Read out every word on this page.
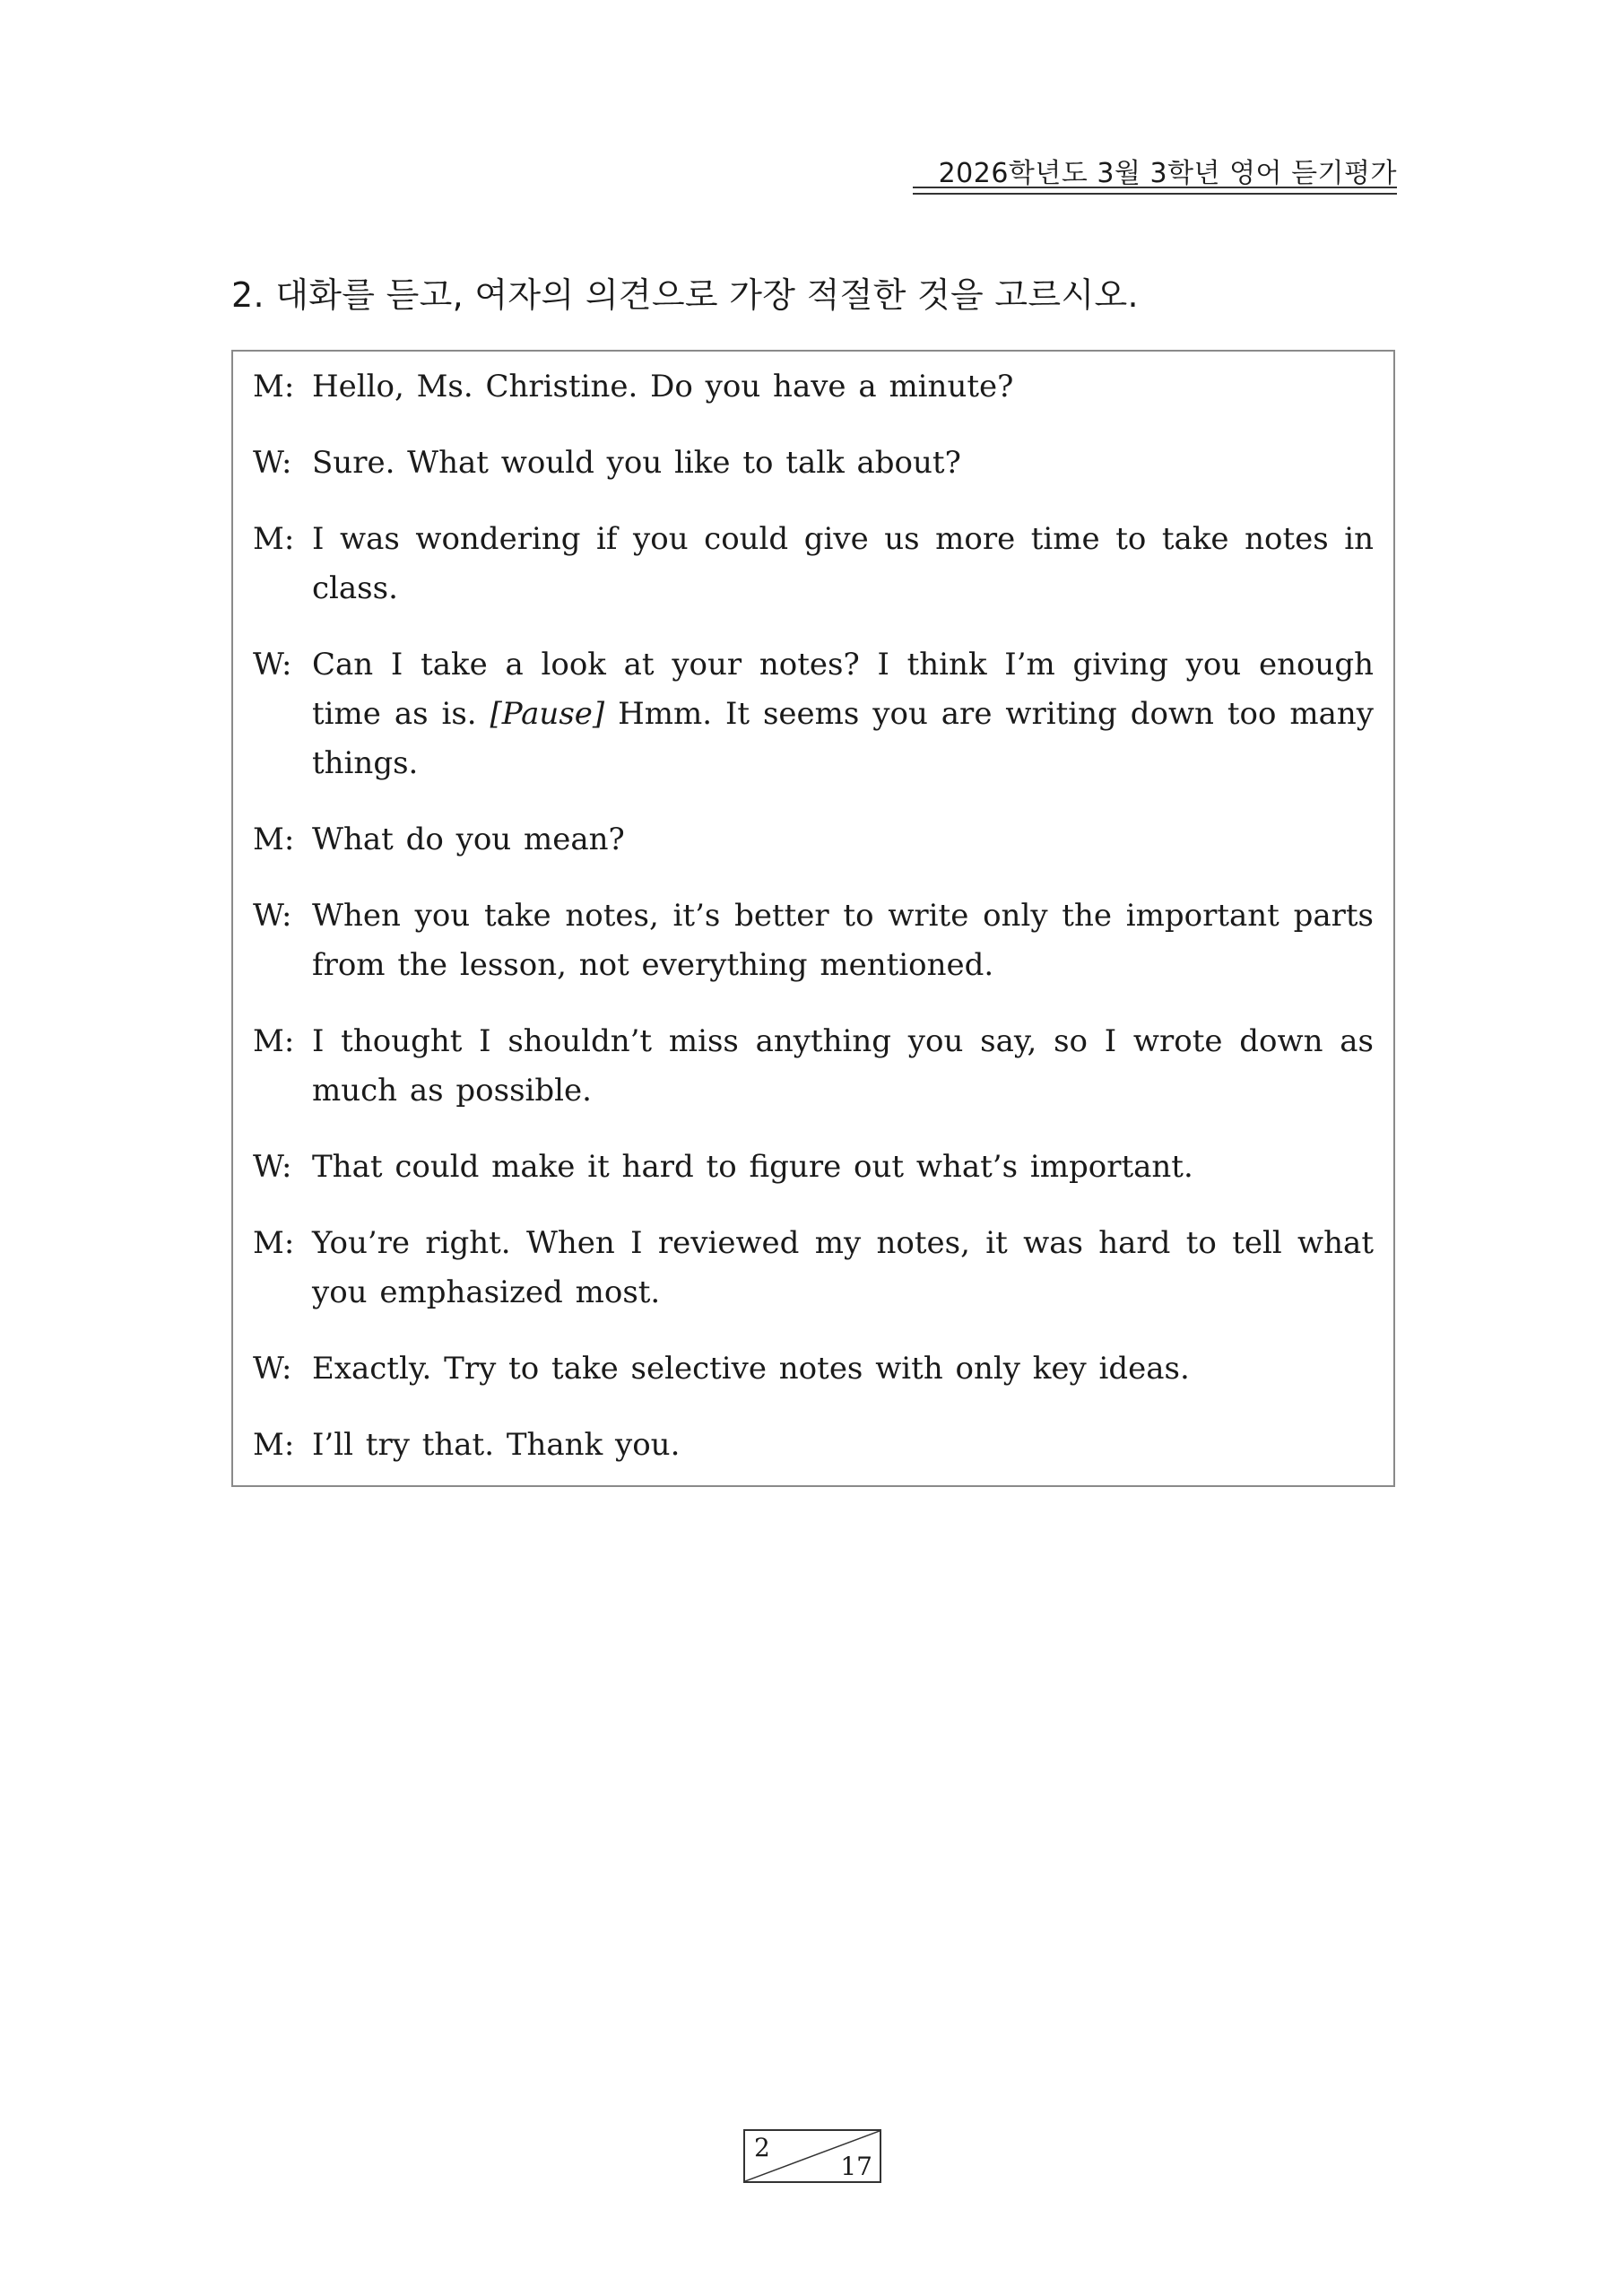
2026학년도 3월 3학년 영어 듣기평가
2. 대화를 듣고, 여자의 의견으로 가장 적절한 것을 고르시오.
M: Hello, Ms. Christine. Do you have a minute?
W: Sure. What would you like to talk about?
M: I was wondering if you could give us more time to take notes in class.
W: Can I take a look at your notes? I think I’m giving you enough time as is. [Pause] Hmm. It seems you are writing down too many things.
M: What do you mean?
W: When you take notes, it’s better to write only the important parts from the lesson, not everything mentioned.
M: I thought I shouldn’t miss anything you say, so I wrote down as much as possible.
W: That could make it hard to figure out what’s important.
M: You’re right. When I reviewed my notes, it was hard to tell what you emphasized most.
W: Exactly. Try to take selective notes with only key ideas.
M: I’ll try that. Thank you.
2
17
